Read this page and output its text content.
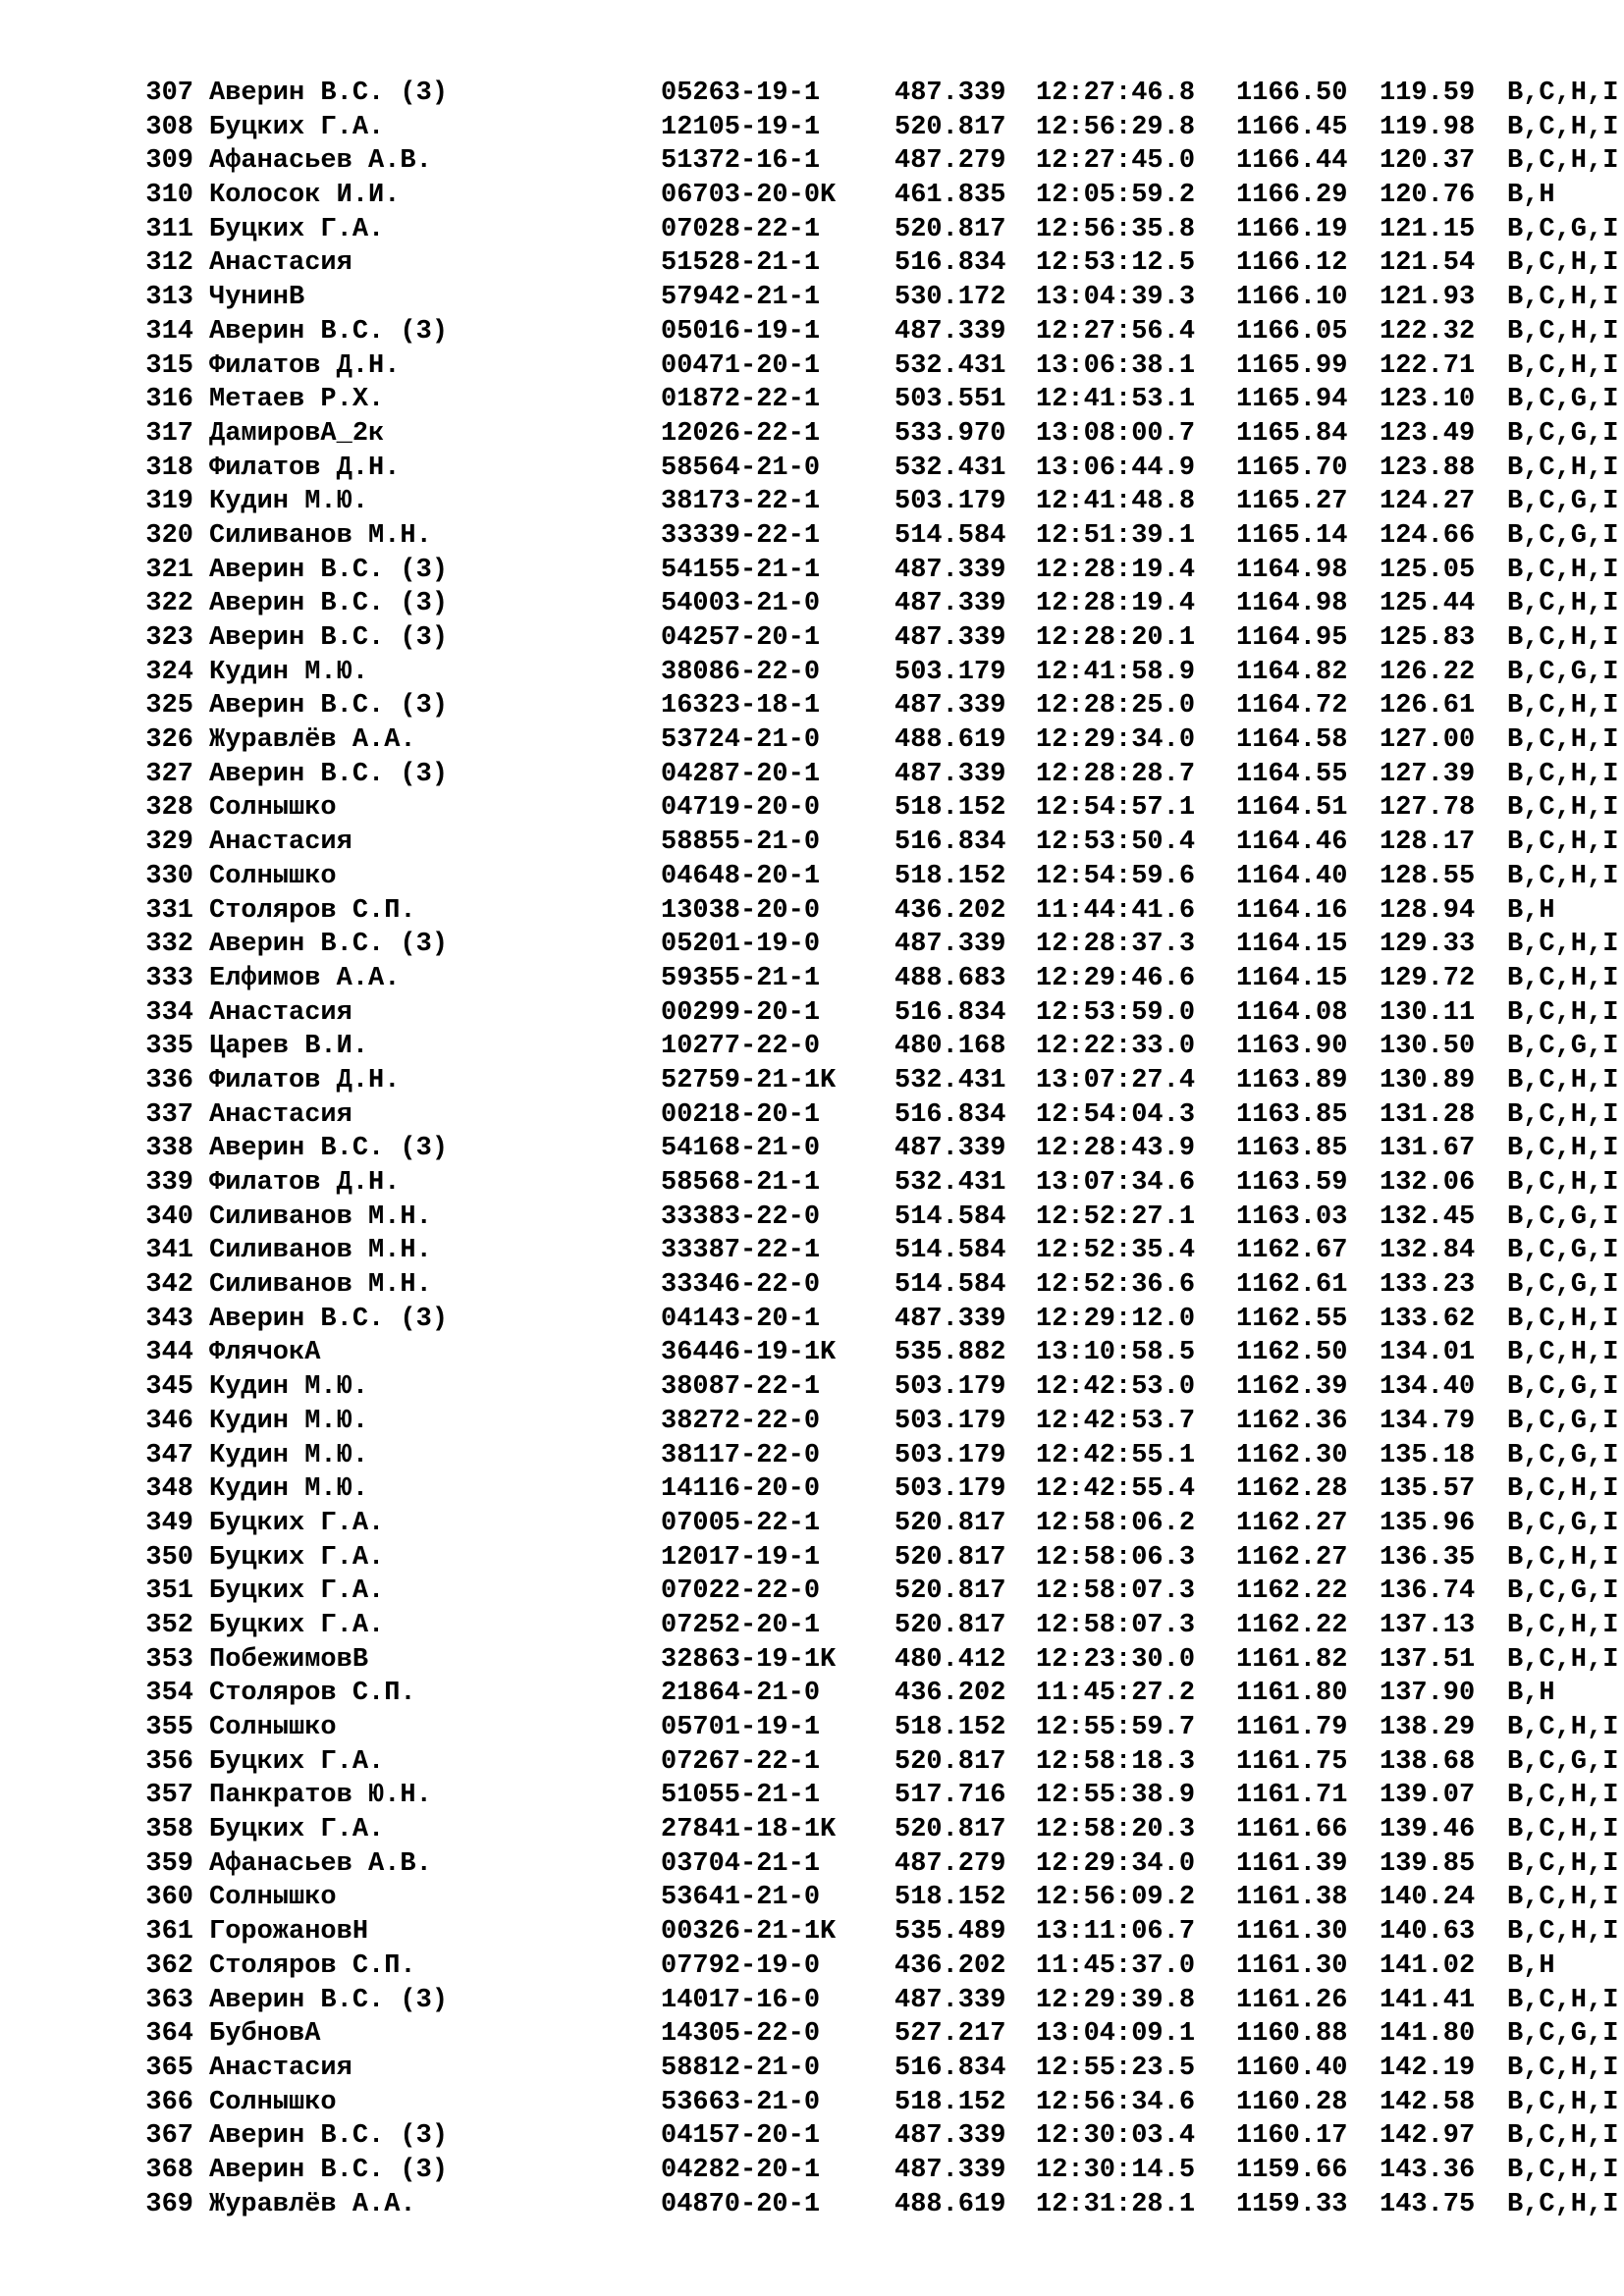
307 Аверин В.С. (3)	05263-19-1	487.339 12:27:46.8 1166.50 119.59 B,C,H,I
308 Буцких Г.А.	12105-19-1	520.817 12:56:29.8 1166.45 119.98 B,C,H,I
309 Афанасьев А.В.	51372-16-1	487.279 12:27:45.0 1166.44 120.37 B,C,H,I
310 Колосок И.И.	06703-20-0K 461.835 12:05:59.2 1166.29 120.76 B,H
311 Буцких Г.А.	07028-22-1	520.817 12:56:35.8 1166.19 121.15 B,C,G,I
312 Анастасия	51528-21-1	516.834 12:53:12.5 1166.12 121.54 B,C,H,I
313 ЧунинВ	57942-21-1	530.172 13:04:39.3 1166.10 121.93 B,C,H,I
314 Аверин В.С. (3)	05016-19-1	487.339 12:27:56.4 1166.05 122.32 B,C,H,I
315 Филатов Д.Н.	00471-20-1	532.431 13:06:38.1 1165.99 122.71 B,C,H,I
316 Метаев Р.Х.	01872-22-1	503.551 12:41:53.1 1165.94 123.10 B,C,G,I
317 ДамировА_2к	12026-22-1	533.970 13:08:00.7 1165.84 123.49 B,C,G,I
318 Филатов Д.Н.	58564-21-0	532.431 13:06:44.9 1165.70 123.88 B,C,H,I
319 Кудин М.Ю.	38173-22-1	503.179 12:41:48.8 1165.27 124.27 B,C,G,I
320 Силиванов М.Н.	33339-22-1	514.584 12:51:39.1 1165.14 124.66 B,C,G,I
321 Аверин В.С. (3)	54155-21-1	487.339 12:28:19.4 1164.98 125.05 B,C,H,I
322 Аверин В.С. (3)	54003-21-0	487.339 12:28:19.4 1164.98 125.44 B,C,H,I
323 Аверин В.С. (3)	04257-20-1	487.339 12:28:20.1 1164.95 125.83 B,C,H,I
324 Кудин М.Ю.	38086-22-0	503.179 12:41:58.9 1164.82 126.22 B,C,G,I
325 Аверин В.С. (3)	16323-18-1	487.339 12:28:25.0 1164.72 126.61 B,C,H,I
326 Журавлёв А.А.	53724-21-0	488.619 12:29:34.0 1164.58 127.00 B,C,H,I
327 Аверин В.С. (3)	04287-20-1	487.339 12:28:28.7 1164.55 127.39 B,C,H,I
328 Солнышко	04719-20-0	518.152 12:54:57.1 1164.51 127.78 B,C,H,I
329 Анастасия	58855-21-0	516.834 12:53:50.4 1164.46 128.17 B,C,H,I
330 Солнышко	04648-20-1	518.152 12:54:59.6 1164.40 128.55 B,C,H,I
331 Столяров С.П.	13038-20-0	436.202 11:44:41.6 1164.16 128.94 B,H
332 Аверин В.С. (3)	05201-19-0	487.339 12:28:37.3 1164.15 129.33 B,C,H,I
333 Елфимов А.А.	59355-21-1	488.683 12:29:46.6 1164.15 129.72 B,C,H,I
334 Анастасия	00299-20-1	516.834 12:53:59.0 1164.08 130.11 B,C,H,I
335 Царев В.И.	10277-22-0	480.168 12:22:33.0 1163.90 130.50 B,C,G,I
336 Филатов Д.Н.	52759-21-1K 532.431 13:07:27.4 1163.89 130.89 B,C,H,I
337 Анастасия	00218-20-1	516.834 12:54:04.3 1163.85 131.28 B,C,H,I
338 Аверин В.С. (3)	54168-21-0	487.339 12:28:43.9 1163.85 131.67 B,C,H,I
339 Филатов Д.Н.	58568-21-1	532.431 13:07:34.6 1163.59 132.06 B,C,H,I
340 Силиванов М.Н.	33383-22-0	514.584 12:52:27.1 1163.03 132.45 B,C,G,I
341 Силиванов М.Н.	33387-22-1	514.584 12:52:35.4 1162.67 132.84 B,C,G,I
342 Силиванов М.Н.	33346-22-0	514.584 12:52:36.6 1162.61 133.23 B,C,G,I
343 Аверин В.С. (3)	04143-20-1	487.339 12:29:12.0 1162.55 133.62 B,C,H,I
344 ФлячокА	36446-19-1K 535.882 13:10:58.5 1162.50 134.01 B,C,H,I
345 Кудин М.Ю.	38087-22-1	503.179 12:42:53.0 1162.39 134.40 B,C,G,I
346 Кудин М.Ю.	38272-22-0	503.179 12:42:53.7 1162.36 134.79 B,C,G,I
347 Кудин М.Ю.	38117-22-0	503.179 12:42:55.1 1162.30 135.18 B,C,G,I
348 Кудин М.Ю.	14116-20-0	503.179 12:42:55.4 1162.28 135.57 B,C,H,I
349 Буцких Г.А.	07005-22-1	520.817 12:58:06.2 1162.27 135.96 B,C,G,I
350 Буцких Г.А.	12017-19-1	520.817 12:58:06.3 1162.27 136.35 B,C,H,I
351 Буцких Г.А.	07022-22-0	520.817 12:58:07.3 1162.22 136.74 B,C,G,I
352 Буцких Г.А.	07252-20-1	520.817 12:58:07.3 1162.22 137.13 B,C,H,I
353 ПобежимовВ	32863-19-1K 480.412 12:23:30.0 1161.82 137.51 B,C,H,I
354 Столяров С.П.	21864-21-0	436.202 11:45:27.2 1161.80 137.90 B,H
355 Солнышко	05701-19-1	518.152 12:55:59.7 1161.79 138.29 B,C,H,I
356 Буцких Г.А.	07267-22-1	520.817 12:58:18.3 1161.75 138.68 B,C,G,I
357 Панкратов Ю.Н.	51055-21-1	517.716 12:55:38.9 1161.71 139.07 B,C,H,I
358 Буцких Г.А.	27841-18-1K 520.817 12:58:20.3 1161.66 139.46 B,C,H,I
359 Афанасьев А.В.	03704-21-1	487.279 12:29:34.0 1161.39 139.85 B,C,H,I
360 Солнышко	53641-21-0	518.152 12:56:09.2 1161.38 140.24 B,C,H,I
361 ГорожановН	00326-21-1K 535.489 13:11:06.7 1161.30 140.63 B,C,H,I
362 Столяров С.П.	07792-19-0	436.202 11:45:37.0 1161.30 141.02 B,H
363 Аверин В.С. (3)	14017-16-0	487.339 12:29:39.8 1161.26 141.41 B,C,H,I
364 БубновА	14305-22-0	527.217 13:04:09.1 1160.88 141.80 B,C,G,I
365 Анастасия	58812-21-0	516.834 12:55:23.5 1160.40 142.19 B,C,H,I
366 Солнышко	53663-21-0	518.152 12:56:34.6 1160.28 142.58 B,C,H,I
367 Аверин В.С. (3)	04157-20-1	487.339 12:30:03.4 1160.17 142.97 B,C,H,I
368 Аверин В.С. (3)	04282-20-1	487.339 12:30:14.5 1159.66 143.36 B,C,H,I
369 Журавлёв А.А.	04870-20-1	488.619 12:31:28.1 1159.33 143.75 B,C,H,I
